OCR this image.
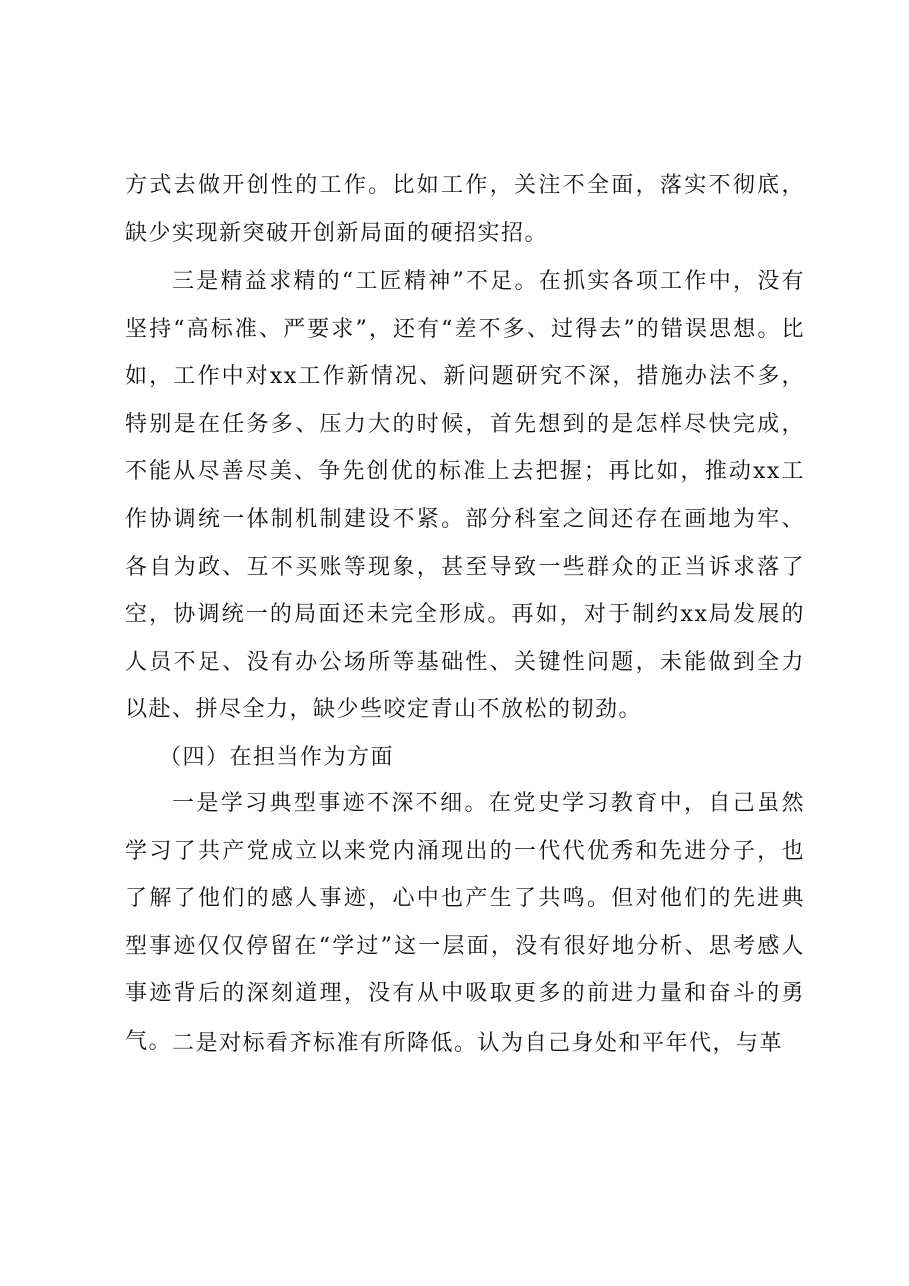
方式去做开创性的工作。比如工作，关注不全面，落实不彻底，缺少实现新突破开创新局面的硬招实招。

三是精益求精的“工匠精神”不足。在抓实各项工作中，没有坚持“高标准、严要求”，还有“差不多、过得去”的错误思想。比如，工作中对xx工作新情况、新问题研究不深，措施办法不多，特别是在任务多、压力大的时候，首先想到的是怎样尽快完成，不能从尽善尽美、争先创优的标准上去把握；再比如，推动xx工作协调统一体制机制建设不紧。部分科室之间还存在画地为牢、各自为政、互不买账等现象，甚至导致一些群众的正当诉求落了空，协调统一的局面还未完全形成。再如，对于制约xx局发展的人员不足、没有办公场所等基础性、关键性问题，未能做到全力以赴、拼尽全力，缺少些咬定青山不放松的韧劲。

（四）在担当作为方面

一是学习典型事迹不深不细。在党史学习教育中，自己虽然学习了共产党成立以来党内涌现出的一代代优秀和先进分子，也了解了他们的感人事迹，心中也产生了共鸣。但对他们的先进典型事迹仅仅停留在“学过”这一层面，没有很好地分析、思考感人事迹背后的深刻道理，没有从中吸取更多的前进力量和奋斗的勇气。 二是对标看齐标准有所降低。认为自己身处和平年代，与革
